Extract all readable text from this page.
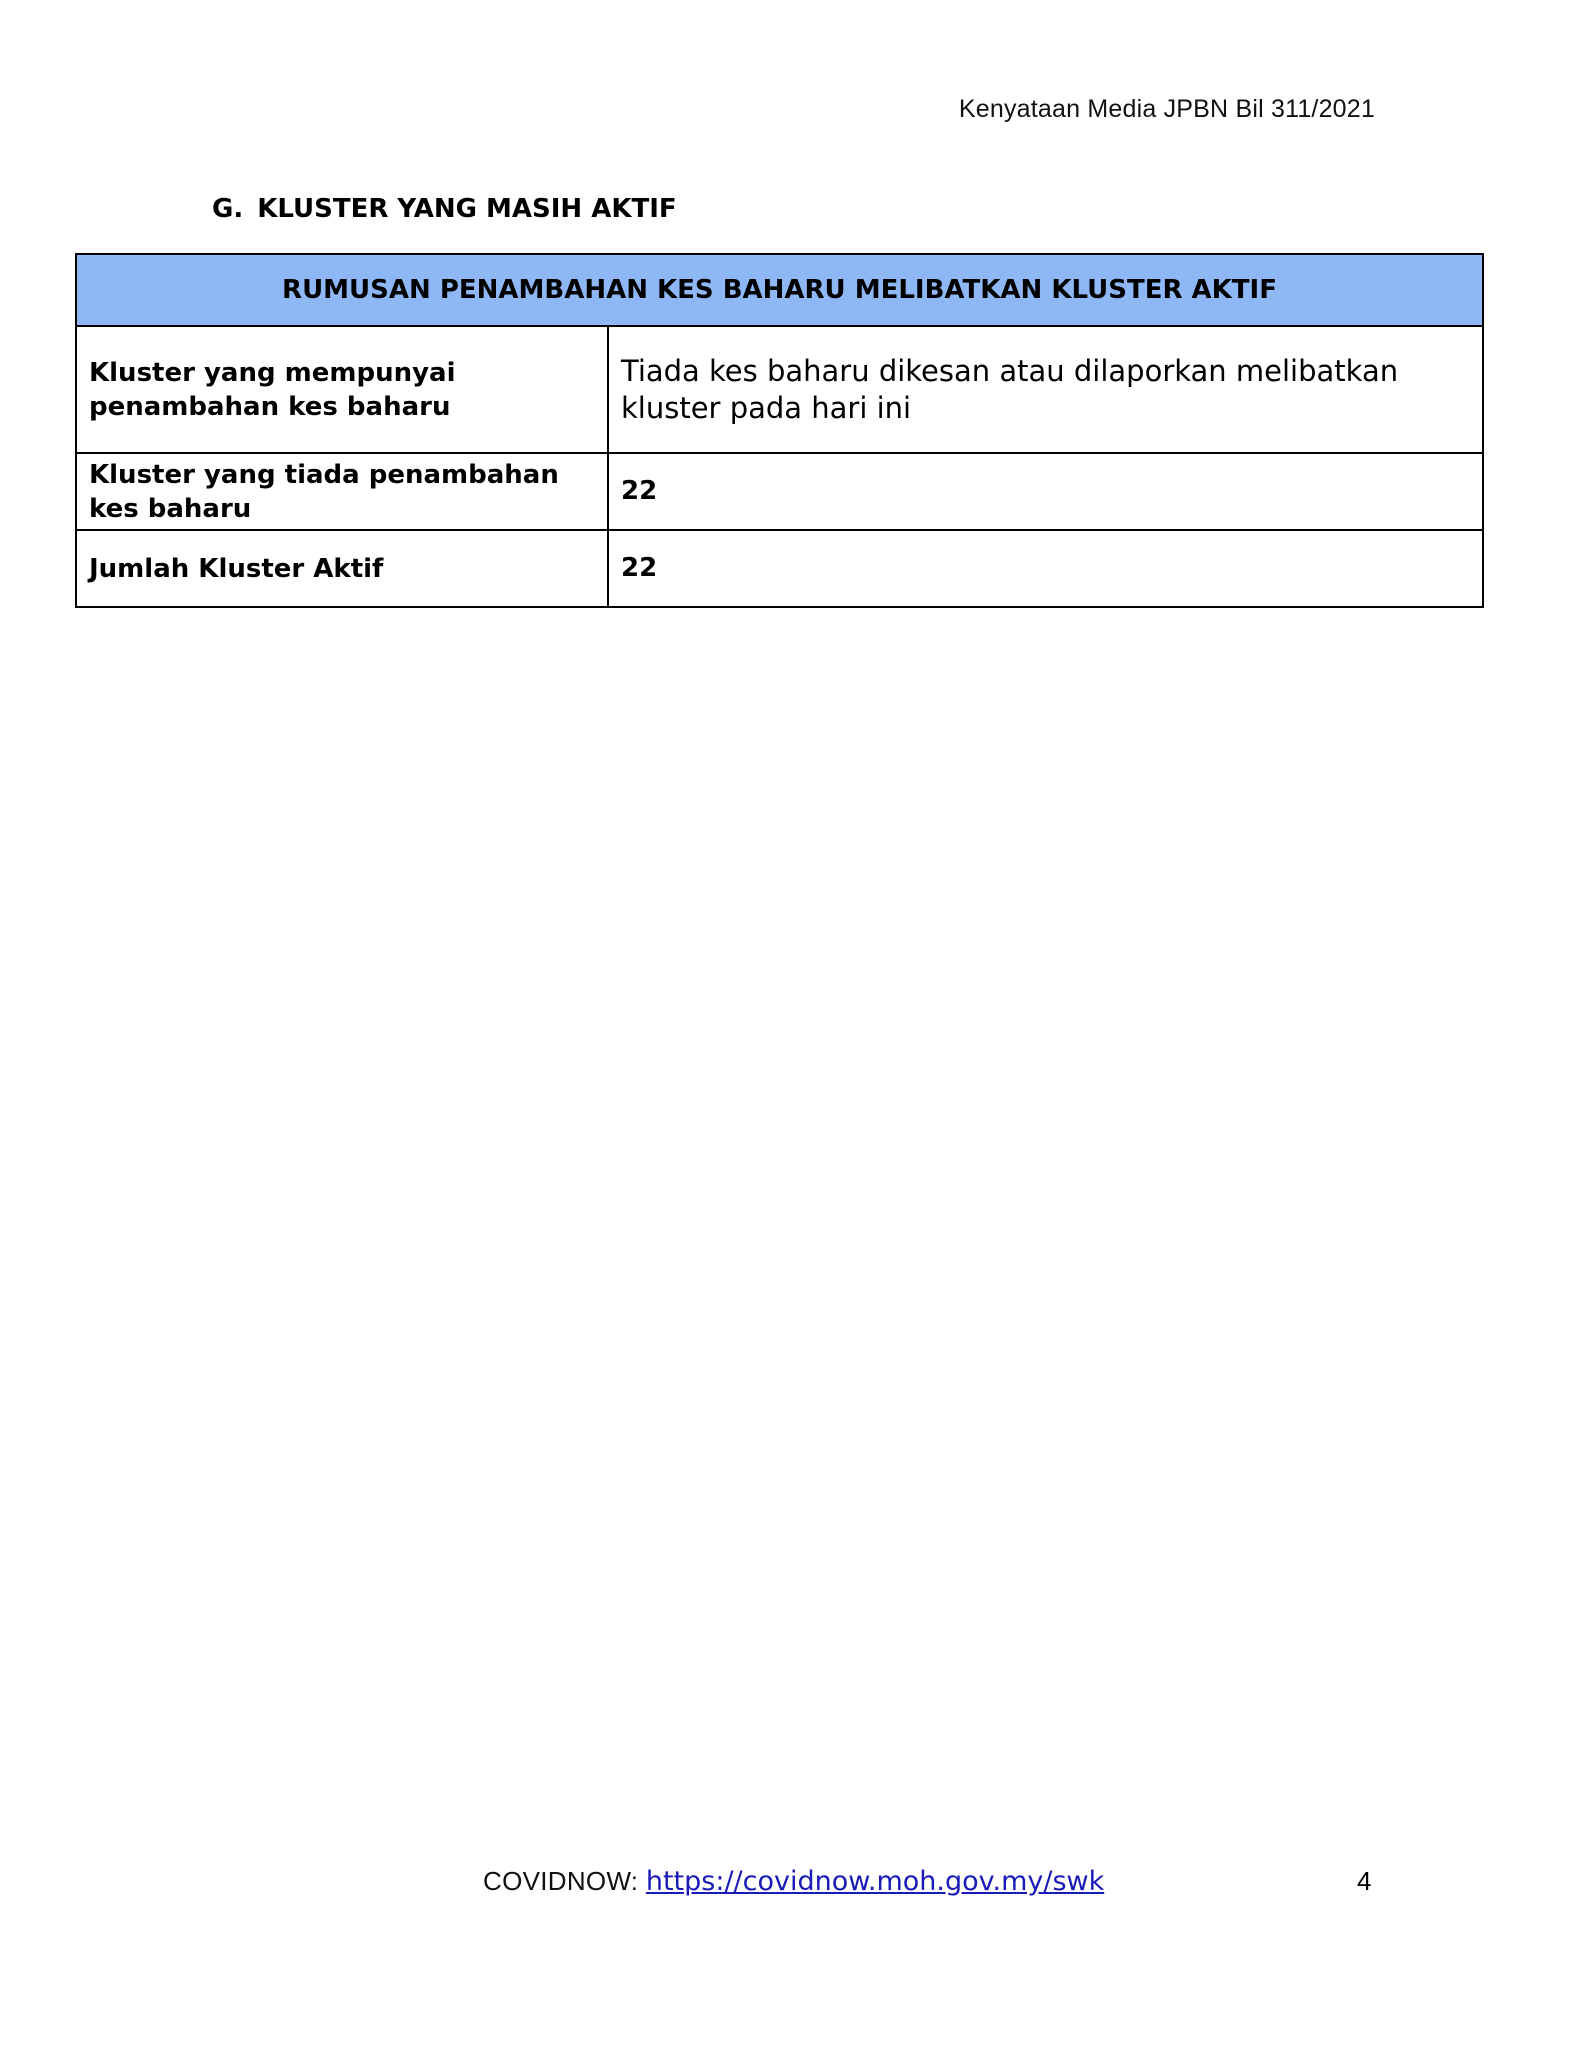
Kenyataan Media JPBN Bil 311/2021
G. KLUSTER YANG MASIH AKTIF
RUMUSAN PENAMBAHAN KES BAHARU MELIBATKAN KLUSTER AKTIF	
Kluster yang mempunyai penambahan kes baharu	Tiada kes baharu dikesan atau dilaporkan melibatkan kluster pada hari ini
Kluster yang tiada penambahan kes baharu	22
Jumlah Kluster Aktif	22
COVIDNOW: https://covidnow.moh.gov.my/swk	4
